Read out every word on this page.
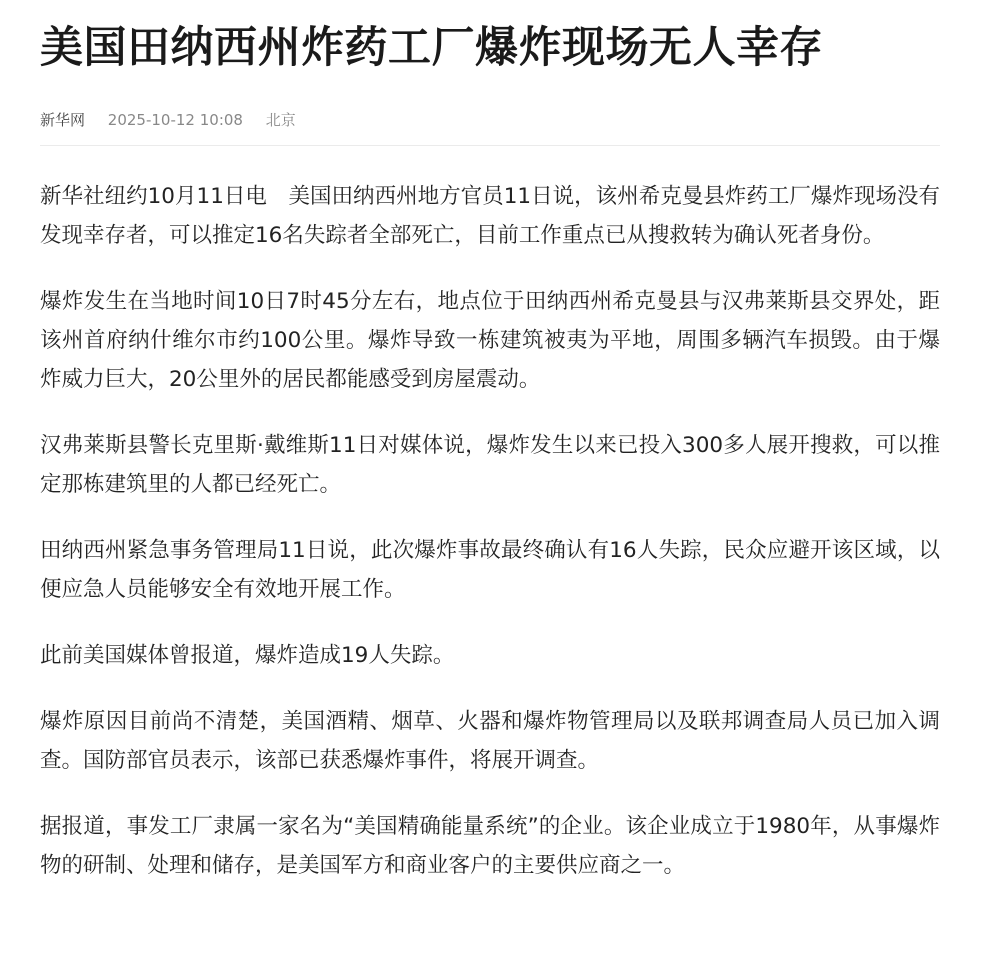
美国田纳西州炸药工厂爆炸现场无人幸存
新华网 2025-10-12 10:08 北京

新华社纽约10月11日电　美国田纳西州地方官员11日说，该州希克曼县炸药工厂爆炸现场没有发现幸存者，可以推定16名失踪者全部死亡，目前工作重点已从搜救转为确认死者身份。

爆炸发生在当地时间10日7时45分左右，地点位于田纳西州希克曼县与汉弗莱斯县交界处，距该州首府纳什维尔市约100公里。爆炸导致一栋建筑被夷为平地，周围多辆汽车损毁。由于爆炸威力巨大，20公里外的居民都能感受到房屋震动。

汉弗莱斯县警长克里斯·戴维斯11日对媒体说，爆炸发生以来已投入300多人展开搜救，可以推定那栋建筑里的人都已经死亡。

田纳西州紧急事务管理局11日说，此次爆炸事故最终确认有16人失踪，民众应避开该区域，以便应急人员能够安全有效地开展工作。

此前美国媒体曾报道，爆炸造成19人失踪。

爆炸原因目前尚不清楚，美国酒精、烟草、火器和爆炸物管理局以及联邦调查局人员已加入调查。国防部官员表示，该部已获悉爆炸事件，将展开调查。

据报道，事发工厂隶属一家名为“美国精确能量系统”的企业。该企业成立于1980年，从事爆炸物的研制、处理和储存，是美国军方和商业客户的主要供应商之一。
